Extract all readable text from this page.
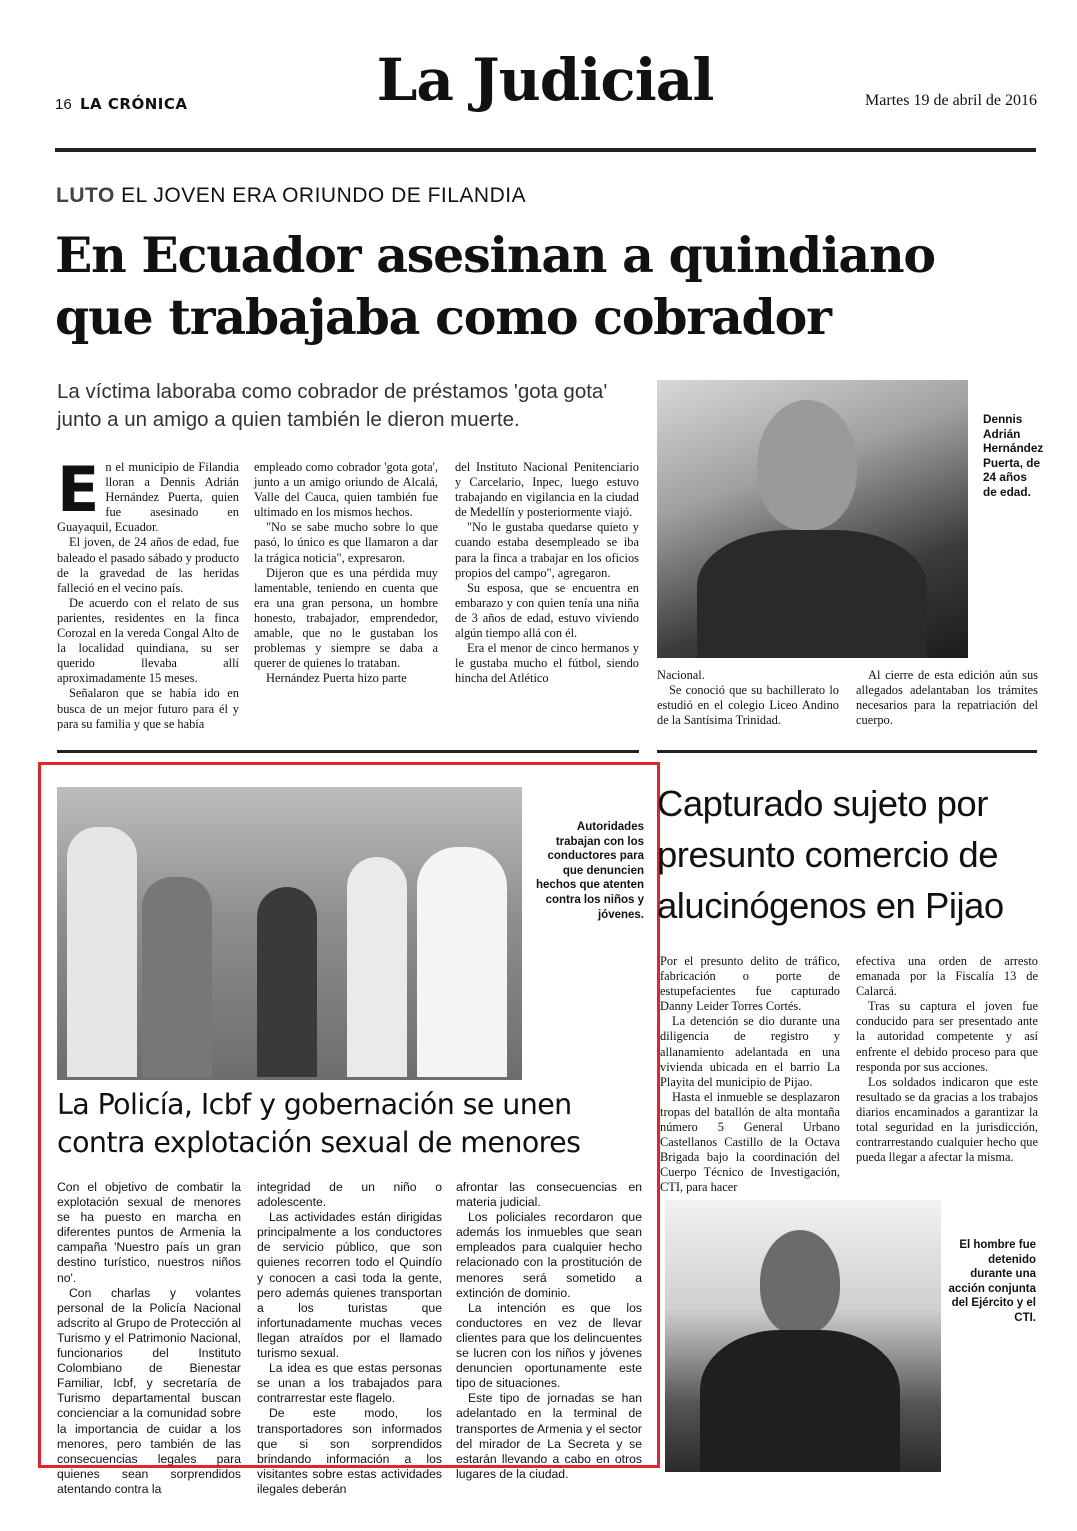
16 LA CRÓNICA	La Judicial	Martes 19 de abril de 2016
LUTO EL JOVEN ERA ORIUNDO DE FILANDIA
En Ecuador asesinan a quindiano
que trabajaba como cobrador
La víctima laboraba como cobrador de préstamos 'gota gota'
junto a un amigo a quien también le dieron muerte.

En el municipio de Filandia lloran a Dennis Adrián Hernández Puerta, quien fue asesinado en Guayaquil, Ecuador.

El joven, de 24 años de edad, fue baleado el pasado sábado y producto de la gravedad de las heridas falleció en el vecino país.

De acuerdo con el relato de sus parientes, residentes en la finca Corozal en la vereda Congal Alto de la localidad quindiana, su ser querido llevaba allí aproximadamente 15 meses.

Señalaron que se había ido en busca de un mejor futuro para él y para su familia y que se había

empleado como cobrador 'gota gota', junto a un amigo oriundo de Alcalá, Valle del Cauca, quien también fue ultimado en los mismos hechos.

"No se sabe mucho sobre lo que pasó, lo único es que llamaron a dar la trágica noticia", expresaron.

Dijeron que es una pérdida muy lamentable, teniendo en cuenta que era una gran persona, un hombre honesto, trabajador, emprendedor, amable, que no le gustaban los problemas y siempre se daba a querer de quienes lo trataban.

Hernández Puerta hizo parte

del Instituto Nacional Penitenciario y Carcelario, Inpec, luego estuvo trabajando en vigilancia en la ciudad de Medellín y posteriormente viajó.

"No le gustaba quedarse quieto y cuando estaba desempleado se iba para la finca a trabajar en los oficios propios del campo", agregaron.

Su esposa, que se encuentra en embarazo y con quien tenía una niña de 3 años de edad, estuvo viviendo algún tiempo allá con él.

Era el menor de cinco hermanos y le gustaba mucho el fútbol, siendo hincha del Atlético

Dennis Adrián Hernández Puerta, de 24 años de edad.

Nacional.

Se conoció que su bachillerato lo estudió en el colegio Liceo Andino de la Santísima Trinidad.

Al cierre de esta edición aún sus allegados adelantaban los trámites necesarios para la repatriación del cuerpo.

Autoridades trabajan con los conductores para que denuncien hechos que atenten contra los niños y jóvenes.
La Policía, Icbf y gobernación se unen
contra explotación sexual de menores

Con el objetivo de combatir la explotación sexual de menores se ha puesto en marcha en diferentes puntos de Armenia la campaña 'Nuestro país un gran destino turístico, nuestros niños no'.

Con charlas y volantes personal de la Policía Nacional adscrito al Grupo de Protección al Turismo y el Patrimonio Nacional, funcionarios del Instituto Colombiano de Bienestar Familiar, Icbf, y secretaría de Turismo departamental buscan concienciar a la comunidad sobre la importancia de cuidar a los menores, pero también de las consecuencias legales para quienes sean sorprendidos atentando contra la

integridad de un niño o adolescente.

Las actividades están dirigidas principalmente a los conductores de servicio público, que son quienes recorren todo el Quindío y conocen a casi toda la gente, pero además quienes transportan a los turistas que infortunadamente muchas veces llegan atraídos por el llamado turismo sexual.

La idea es que estas personas se unan a los trabajados para contrarrestar este flagelo.

De este modo, los transportadores son informados que si son sorprendidos brindando información a los visitantes sobre estas actividades ilegales deberán

afrontar las consecuencias en materia judicial.

Los policiales recordaron que además los inmuebles que sean empleados para cualquier hecho relacionado con la prostitución de menores será sometido a extinción de dominio.

La intención es que los conductores en vez de llevar clientes para que los delincuentes se lucren con los niños y jóvenes denuncien oportunamente este tipo de situaciones.

Este tipo de jornadas se han adelantado en la terminal de transportes de Armenia y el sector del mirador de La Secreta y se estarán llevando a cabo en otros lugares de la ciudad.

Capturado sujeto por
presunto comercio de
alucinógenos en Pijao

Por el presunto delito de tráfico, fabricación o porte de estupefacientes fue capturado Danny Leider Torres Cortés.

La detención se dio durante una diligencia de registro y allanamiento adelantada en una vivienda ubicada en el barrio La Playita del municipio de Pijao.

Hasta el inmueble se desplazaron tropas del batallón de alta montaña número 5 General Urbano Castellanos Castillo de la Octava Brigada bajo la coordinación del Cuerpo Técnico de Investigación, CTI, para hacer

efectiva una orden de arresto emanada por la Fiscalía 13 de Calarcá.

Tras su captura el joven fue conducido para ser presentado ante la autoridad competente y así enfrente el debido proceso para que responda por sus acciones.

Los soldados indicaron que este resultado se da gracias a los trabajos diarios encaminados a garantizar la total seguridad en la jurisdicción, contrarrestando cualquier hecho que pueda llegar a afectar la misma.

El hombre fue detenido durante una acción conjunta del Ejército y el CTI.
